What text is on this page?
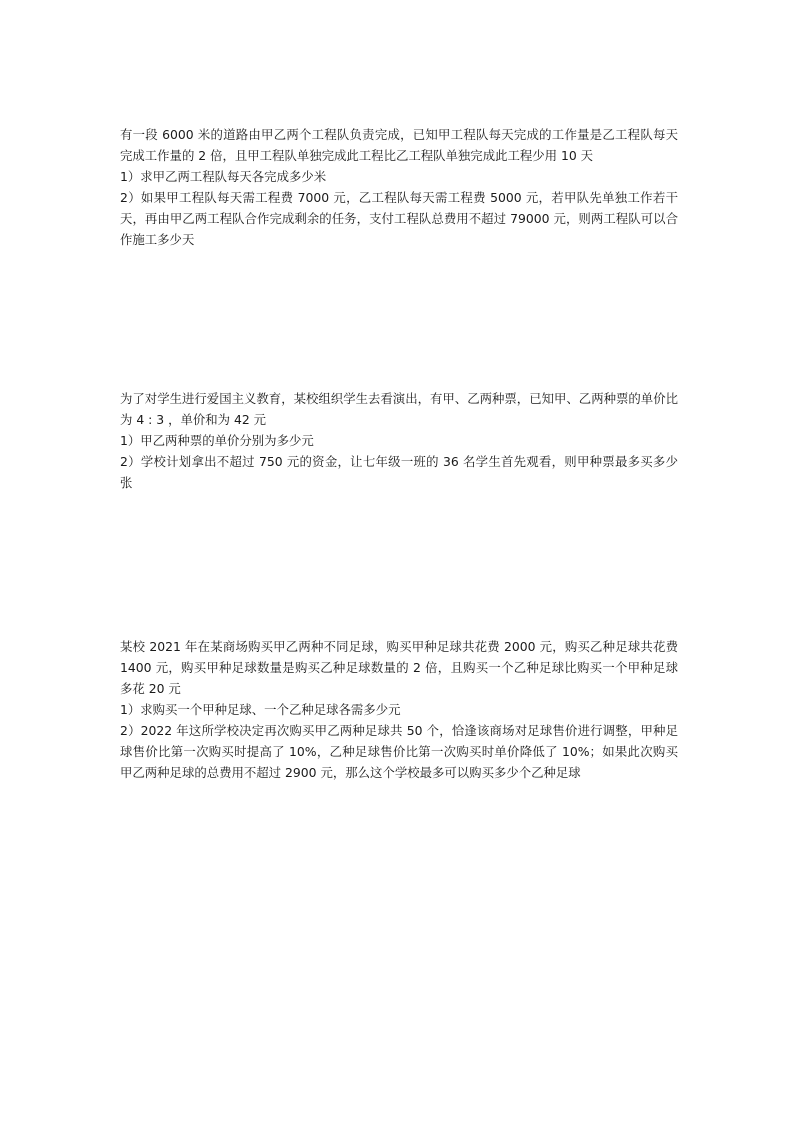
有一段 6000 米的道路由甲乙两个工程队负责完成，已知甲工程队每天完成的工作量是乙工程队每天完成工作量的 2 倍，且甲工程队单独完成此工程比乙工程队单独完成此工程少用 10 天

1）求甲乙两工程队每天各完成多少米

2）如果甲工程队每天需工程费 7000 元，乙工程队每天需工程费 5000 元，若甲队先单独工作若干天，再由甲乙两工程队合作完成剩余的任务，支付工程队总费用不超过 79000 元，则两工程队可以合作施工多少天

为了对学生进行爱国主义教育，某校组织学生去看演出，有甲、乙两种票，已知甲、乙两种票的单价比为 4 : 3 ，单价和为 42 元

1）甲乙两种票的单价分别为多少元

2）学校计划拿出不超过 750 元的资金，让七年级一班的 36 名学生首先观看，则甲种票最多买多少张

某校 2021 年在某商场购买甲乙两种不同足球，购买甲种足球共花费 2000 元，购买乙种足球共花费 1400 元，购买甲种足球数量是购买乙种足球数量的 2 倍，且购买一个乙种足球比购买一个甲种足球多花 20 元

1）求购买一个甲种足球、一个乙种足球各需多少元

2）2022 年这所学校决定再次购买甲乙两种足球共 50 个，恰逢该商场对足球售价进行调整，甲种足球售价比第一次购买时提高了 10%，乙种足球售价比第一次购买时单价降低了 10%；如果此次购买甲乙两种足球的总费用不超过 2900 元，那么这个学校最多可以购买多少个乙种足球
